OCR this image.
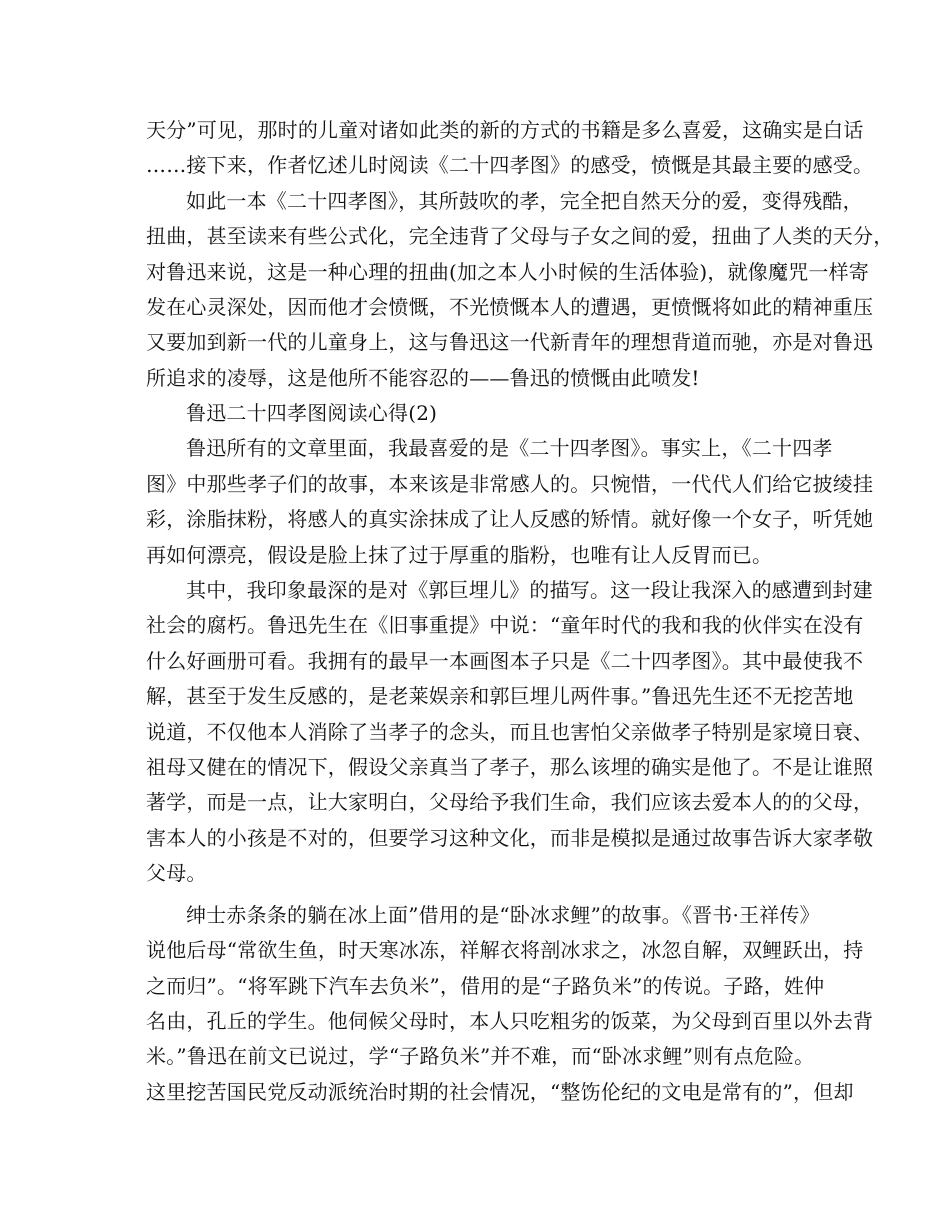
天分”可见，那时的儿童对诸如此类的新的方式的书籍是多么喜爱，这确实是白话
……接下来，作者忆述儿时阅读《二十四孝图》的感受，愤慨是其最主要的感受。
如此一本《二十四孝图》，其所鼓吹的孝，完全把自然天分的爱，变得残酷，
扭曲，甚至读来有些公式化，完全违背了父母与子女之间的爱，扭曲了人类的天分，
对鲁迅来说，这是一种心理的扭曲(加之本人小时候的生活体验)，就像魔咒一样寄
发在心灵深处，因而他才会愤慨，不光愤慨本人的遭遇，更愤慨将如此的精神重压
又要加到新一代的儿童身上，这与鲁迅这一代新青年的理想背道而驰，亦是对鲁迅
所追求的凌辱，这是他所不能容忍的——鲁迅的愤慨由此喷发!
鲁迅二十四孝图阅读心得(2)
鲁迅所有的文章里面，我最喜爱的是《二十四孝图》。事实上，《二十四孝
图》中那些孝子们的故事，本来该是非常感人的。只惋惜，一代代人们给它披绫挂
彩，涂脂抹粉，将感人的真实涂抹成了让人反感的矫情。就好像一个女子，听凭她
再如何漂亮，假设是脸上抹了过于厚重的脂粉，也唯有让人反胃而已。
其中，我印象最深的是对《郭巨埋儿》的描写。这一段让我深入的感遭到封建
社会的腐朽。鲁迅先生在《旧事重提》中说：“童年时代的我和我的伙伴实在没有
什么好画册可看。我拥有的最早一本画图本子只是《二十四孝图》。其中最使我不
解，甚至于发生反感的，是老莱娱亲和郭巨埋儿两件事。”鲁迅先生还不无挖苦地
说道，不仅他本人消除了当孝子的念头，而且也害怕父亲做孝子特别是家境日衰、
祖母又健在的情况下，假设父亲真当了孝子，那么该埋的确实是他了。不是让谁照
著学，而是一点，让大家明白，父母给予我们生命，我们应该去爱本人的的父母，
害本人的小孩是不对的，但要学习这种文化，而非是模拟是通过故事告诉大家孝敬
父母。
绅士赤条条的躺在冰上面”借用的是“卧冰求鲤”的故事。《晋书·王祥传》
说他后母“常欲生鱼，时天寒冰冻，祥解衣将剖冰求之，冰忽自解，双鲤跃出，持
之而归”。“将军跳下汽车去负米”，借用的是“子路负米”的传说。子路，姓仲
名由，孔丘的学生。他伺候父母时，本人只吃粗劣的饭菜，为父母到百里以外去背
米。”鲁迅在前文已说过，学“子路负米”并不难，而“卧冰求鲤”则有点危险。
这里挖苦国民党反动派统治时期的社会情况，“整饬伦纪的文电是常有的”，但却
